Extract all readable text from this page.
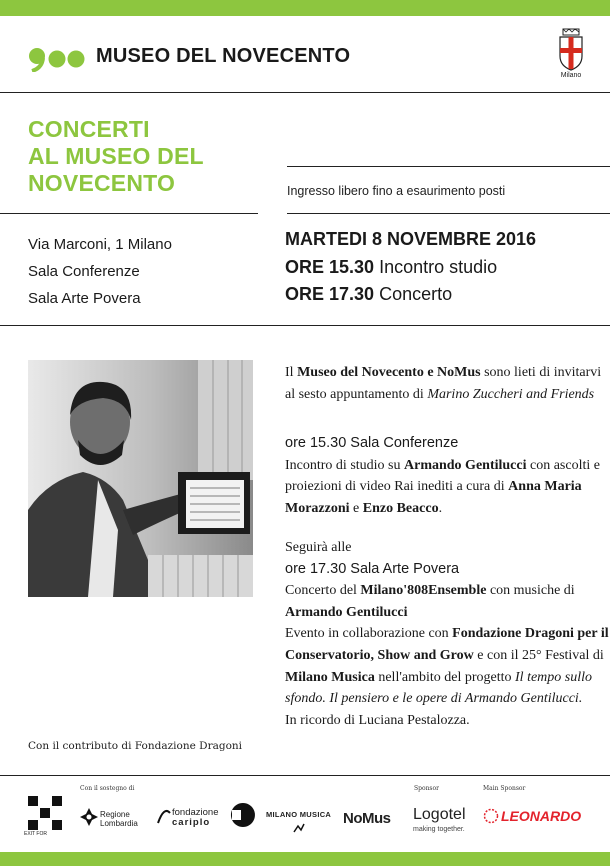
MUSEO DEL NOVECENTO
Milano
CONCERTI
AL MUSEO DEL
NOVECENTO	Ingresso libero fino a esaurimento posti
Via Marconi, 1 Milano
Sala Conferenze
Sala Arte Povera
MARTEDI 8 NOVEMBRE 2016
ORE 15.30 Incontro studio
ORE 17.30 Concerto
Con il contributo di Fondazione Dragoni
Il Museo del Novecento e NoMus sono lieti di invitarvi al sesto appuntamento di Marino Zuccheri and Friends
ore 15.30 Sala Conferenze
Incontro di studio su Armando Gentilucci con ascolti e proiezioni di video Rai inediti a cura di Anna Maria Morazzoni e Enzo Beacco.
Seguirà alle
ore 17.30 Sala Arte Povera
Concerto del Milano'808Ensemble con musiche di Armando Gentilucci
Evento in collaborazione con Fondazione Dragoni per il Conservatorio, Show and Grow e con il 25° Festival di Milano Musica nell'ambito del progetto Il tempo sullo sfondo. Il pensiero e le opere di Armando Gentilucci.
In ricordo di Luciana Pestalozza.
Con il sostegno di	Sponsor	Main Sponsor
EXIT FOR
Regione Lombardia
fondazione
cariplo
MILANO MUSICA NoMus Logotel
making together.
LEONARDO
